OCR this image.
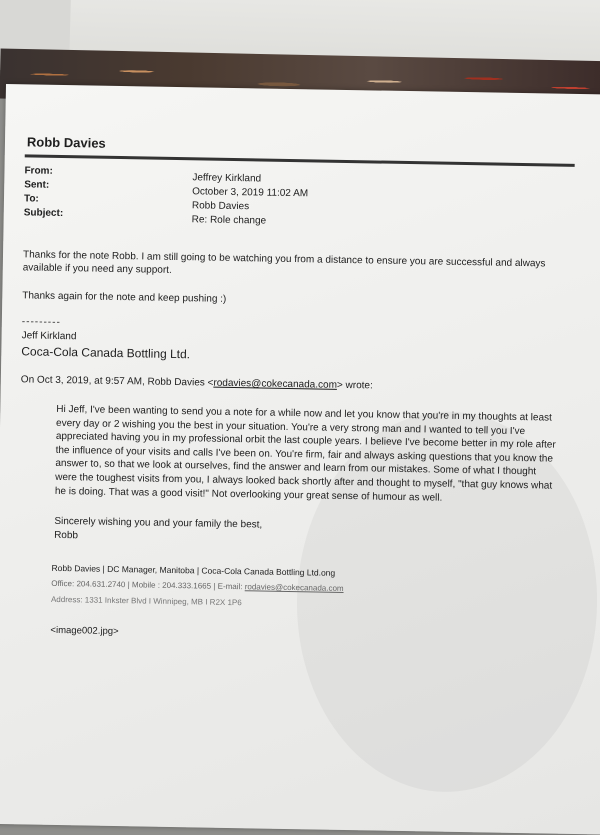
Robb Davies
From:
Sent:
To:
Subject:
Jeffrey Kirkland
October 3, 2019 11:02 AM
Robb Davies
Re: Role change
Thanks for the note Robb. I am still going to be watching you from a distance to ensure you are successful and always available if you need any support.
Thanks again for the note and keep pushing :)
---------
Jeff Kirkland
Coca-Cola Canada Bottling Ltd.
On Oct 3, 2019, at 9:57 AM, Robb Davies <rodavies@cokecanada.com> wrote:
Hi Jeff, I've been wanting to send you a note for a while now and let you know that you're in my thoughts at least every day or 2 wishing you the best in your situation. You're a very strong man and I wanted to tell you I've appreciated having you in my professional orbit the last couple years. I believe I've become better in my role after the influence of your visits and calls I've been on. You're firm, fair and always asking questions that you know the answer to, so that we look at ourselves, find the answer and learn from our mistakes. Some of what I thought were the toughest visits from you, I always looked back shortly after and thought to myself, "that guy knows what he is doing. That was a good visit!" Not overlooking your great sense of humour as well.
Sincerely wishing you and your family the best,
Robb
Robb Davies | DC Manager, Manitoba | Coca-Cola Canada Bottling Ltd.ong
Office: 204.631.2740 | Mobile : 204.333.1665 | E-mail: rodavies@cokecanada.com
Address: 1331 Inkster Blvd I Winnipeg, MB I R2X 1P6
<image002.jpg>
